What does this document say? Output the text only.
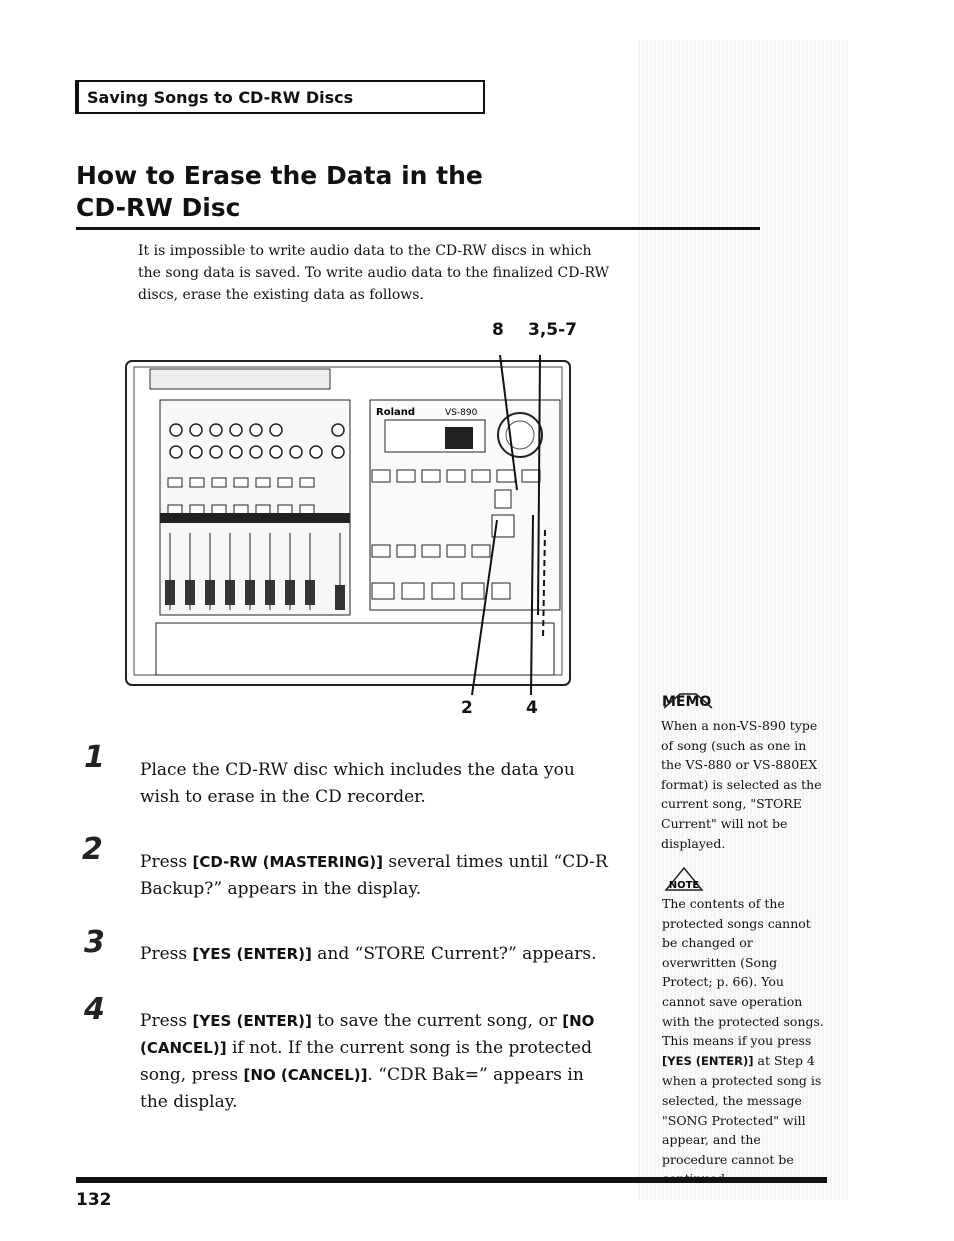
Saving Songs to CD-RW Discs
How to Erase the Data in the
CD-RW Disc
It is impossible to write audio data to the CD-RW discs in which the song data is saved. To write audio data to the finalized CD-RW discs, erase the existing data as follows.
8 3,5-7
2	4
Roland	VS-890
1 Place the CD-RW disc which includes the data you wish to erase in the CD recorder.
2 Press [CD-RW (MASTERING)] several times until “CD-R Backup?” appears in the display.
3 Press [YES (ENTER)] and “STORE Current?” appears.
4 Press [YES (ENTER)] to save the current song, or [NO (CANCEL)] if not. If the current song is the protected song, press [NO (CANCEL)]. “CDR Bak=” appears in the display.
MEMO
When a non-VS-890 type of song (such as one in the VS-880 or VS-880EX format) is selected as the current song, "STORE Current" will not be displayed.
NOTE
The contents of the protected songs cannot be changed or overwritten (Song Protect; p. 66). You cannot save operation with the protected songs. This means if you press [YES (ENTER)] at Step 4 when a protected song is selected, the message "SONG Protected" will appear, and the procedure cannot be
132
